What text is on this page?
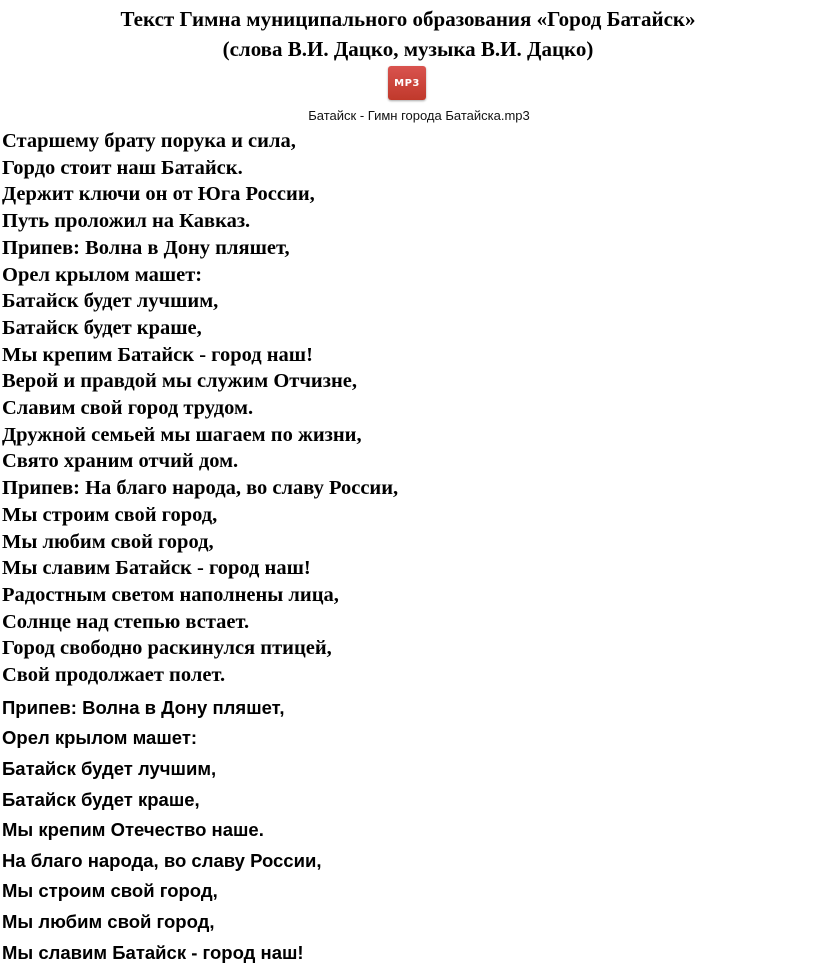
Текст Гимна муниципального образования «Город Батайск»
(слова В.И. Дацко, музыка В.И. Дацко)
MP3
Батайск - Гимн города Батайска.mp3
Старшему брату порука и сила,
Гордо стоит наш Батайск.
Держит ключи он от Юга России,
Путь проложил на Кавказ.
Припев: Волна в Дону пляшет,
Орел крылом машет:
Батайск будет лучшим,
Батайск будет краше,
Мы крепим Батайск - город наш!
Верой и правдой мы служим Отчизне,
Славим свой город трудом.
Дружной семьей мы шагаем по жизни,
Свято храним отчий дом.
Припев: На благо народа, во славу России,
Мы строим свой город,
Мы любим свой город,
Мы славим Батайск - город наш!
Радостным светом наполнены лица,
Солнце над степью встает.
Город свободно раскинулся птицей,
Свой продолжает полет.
Припев: Волна в Дону пляшет,
Орел крылом машет:
Батайск будет лучшим,
Батайск будет краше,
Мы крепим Отечество наше.
На благо народа, во славу России,
Мы строим свой город,
Мы любим свой город,
Мы славим Батайск - город наш!
